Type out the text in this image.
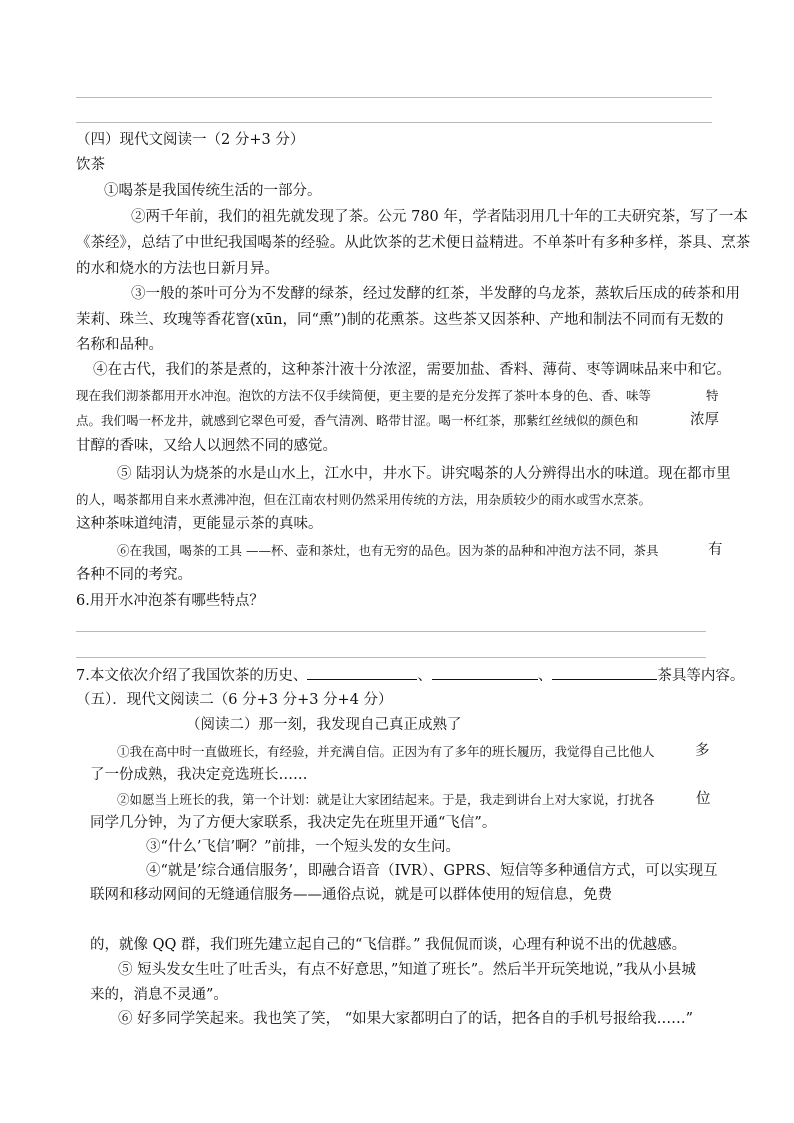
（四）现代文阅读一（2 分+3 分）
饮茶
①喝茶是我国传统生活的一部分。
②两千年前，我们的祖先就发现了茶。公元 780 年，学者陆羽用几十年的工夫研究茶，写了一本
《茶经》，总结了中世纪我国喝茶的经验。从此饮茶的艺术便日益精进。不单茶叶有多种多样，茶具、烹茶
的水和烧水的方法也日新月异。
③一般的茶叶可分为不发酵的绿茶，经过发酵的红茶，半发酵的乌龙茶，蒸软后压成的砖茶和用
茉莉、珠兰、玫瑰等香花窨(xūn，同“熏”)制的花熏茶。这些茶又因茶种、产地和制法不同而有无数的
名称和品种。
④在古代，我们的茶是煮的，这种茶汁液十分浓涩，需要加盐、香料、薄荷、枣等调味品来中和它。
现在我们沏茶都用开水冲泡。泡饮的方法不仅手续简便，更主要的是充分发挥了茶叶本身的色、香、味等	特
点。我们喝一杯龙井，就感到它翠色可爱，香气清冽、略带甘涩。喝一杯红茶，那紫红丝绒似的颜色和	浓厚
甘醇的香味，又给人以迥然不同的感觉。
⑤ 陆羽认为烧茶的水是山水上，江水中，井水下。讲究喝茶的人分辨得出水的味道。现在都市里
的人，喝茶都用自来水煮沸冲泡，但在江南农村则仍然采用传统的方法，用杂质较少的雨水或雪水烹茶。
这种茶味道纯清，更能显示茶的真味。
⑥在我国，喝茶的工具 ——杯、壶和茶灶，也有无穷的品色。因为茶的品种和冲泡方法不同，茶具	有
各种不同的考究。
6.用开水冲泡茶有哪些特点？
7.本文依次介绍了我国饮茶的历史、	、	、	茶具等内容。
（五）．现代文阅读二（6 分+3 分+3 分+4 分）
（阅读二）那一刻，我发现自己真正成熟了
①我在高中时一直做班长，有经验，并充满自信。正因为有了多年的班长履历，我觉得自己比他人	多
了一份成熟，我决定竞选班长……
②如愿当上班长的我，第一个计划：就是让大家团结起来。于是，我走到讲台上对大家说，打扰各	位
同学几分钟，为了方便大家联系，我决定先在班里开通“飞信”。
③“什么’飞信’啊？”前排，一个短头发的女生问。
④“就是’综合通信服务’，即融合语音（IVR）、GPRS、短信等多种通信方式，可以实现互
联网和移动网间的无缝通信服务——通俗点说，就是可以群体使用的短信息，免费
的，就像 QQ 群，我们班先建立起自己的“飞信群。” 我侃侃而谈，心理有种说不出的优越感。
⑤ 短头发女生吐了吐舌头，有点不好意思，”知道了班长”。然后半开玩笑地说，”我从小县城
来的，消息不灵通”。
⑥ 好多同学笑起来。我也笑了笑， “如果大家都明白了的话，把各自的手机号报给我……”
